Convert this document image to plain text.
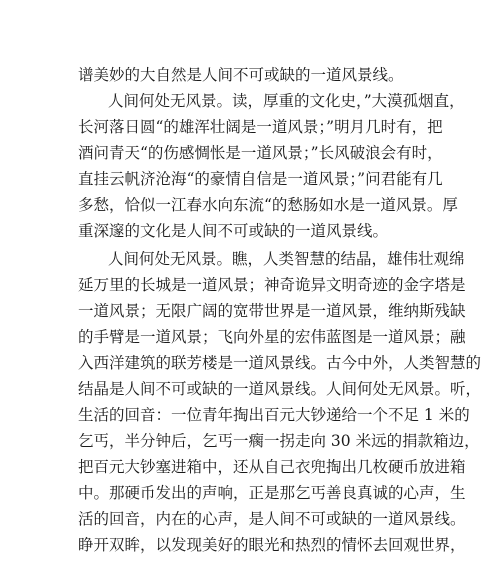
谱美妙的大自然是人间不可或缺的一道风景线。
人间何处无风景。读，厚重的文化史，”大漠孤烟直，
长河落日圆“的雄浑壮阔是一道风景；”明月几时有，把
酒问青天“的伤感惆怅是一道风景；”长风破浪会有时，
直挂云帆济沧海“的豪情自信是一道风景；”问君能有几
多愁，恰似一江春水向东流“的愁肠如水是一道风景。厚
重深邃的文化是人间不可或缺的一道风景线。
人间何处无风景。瞧，人类智慧的结晶，雄伟壮观绵
延万里的长城是一道风景；神奇诡异文明奇迹的金字塔是
一道风景；无限广阔的宽带世界是一道风景，维纳斯残缺
的手臂是一道风景；飞向外星的宏伟蓝图是一道风景；融
入西洋建筑的联芳楼是一道风景线。古今中外，人类智慧的
结晶是人间不可或缺的一道风景线。人间何处无风景。听，
生活的回音：一位青年掏出百元大钞递给一个不足 1 米的
乞丐，半分钟后，乞丐一瘸一拐走向 30 米远的捐款箱边，
把百元大钞塞进箱中，还从自己衣兜掏出几枚硬币放进箱
中。那硬币发出的声响，正是那乞丐善良真诚的心声，生
活的回音，内在的心声，是人间不可或缺的一道风景线。
睁开双眸，以发现美好的眼光和热烈的情怀去回观世界，
